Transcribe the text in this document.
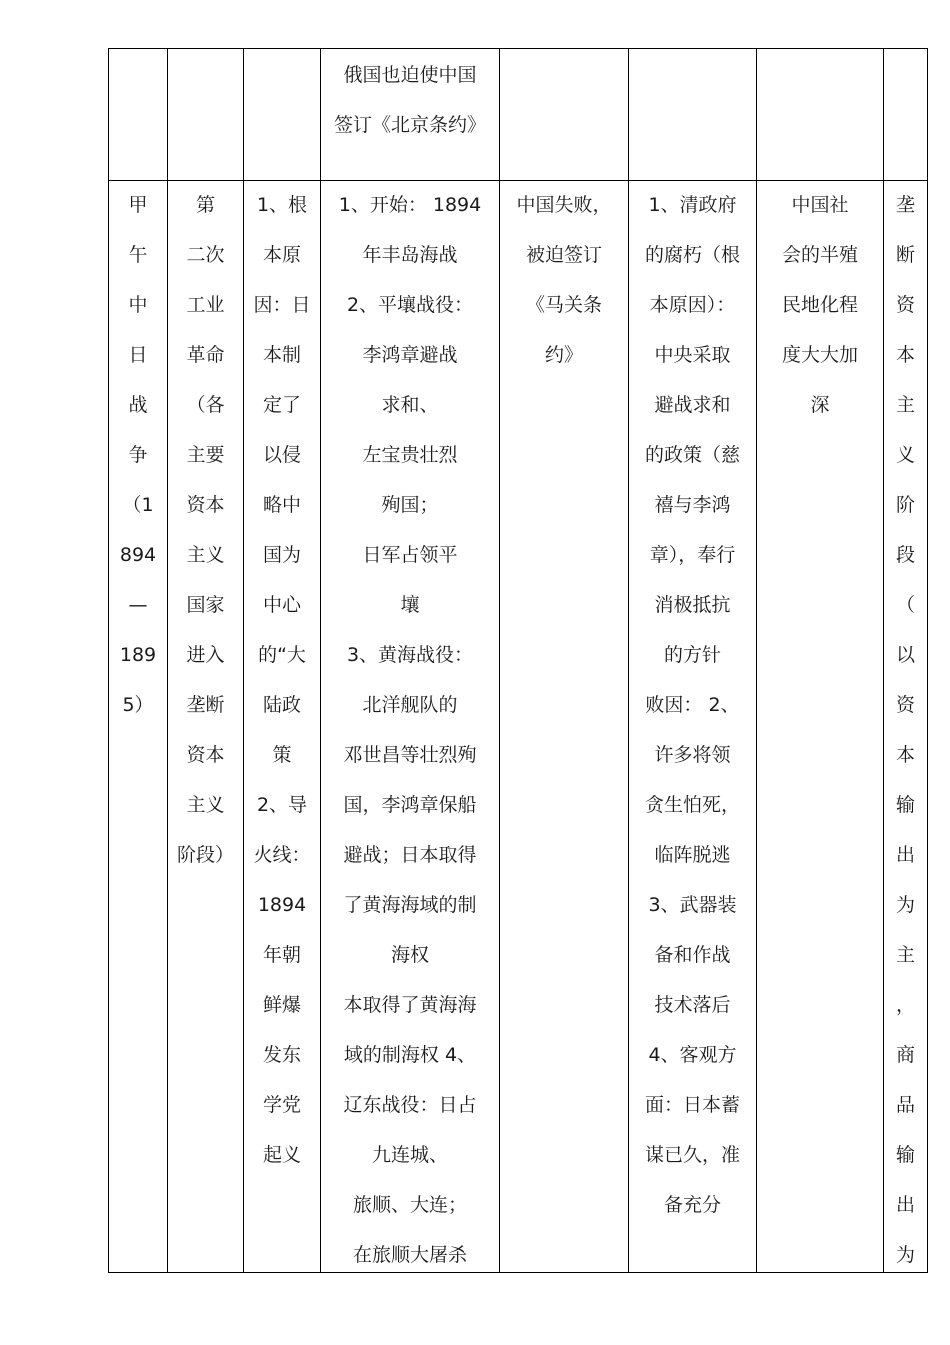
俄国也迫使中国
签订《北京条约》
甲
午
中
日
战
争
（1
894
—
189
5）
第
二次
工业
革命
（各
主要
资本
主义
国家
进入
垄断
资本
主义
阶段）
1、根
本原
因：日
本制
定了
以侵
略中
国为
中心
的“大
陆政
策
2、导
火线：
1894
年朝
鲜爆
发东
学党
起义
1、开始： 1894
年丰岛海战
2、平壤战役：
李鸿章避战
求和、
左宝贵壮烈
殉国；
日军占领平
壤
3、黄海战役：
北洋舰队的
邓世昌等壮烈殉
国，李鸿章保船
避战；日本取得
了黄海海域的制
海权
本取得了黄海海
域的制海权 4、
辽东战役：日占
九连城、
旅顺、大连；
在旅顺大屠杀
中国失败，
被迫签订
《马关条
约》
1、清政府
的腐朽（根
本原因）：
中央采取
避战求和
的政策（慈
禧与李鸿
章），奉行
消极抵抗
的方针
败因： 2、
许多将领
贪生怕死，
临阵脱逃
3、武器装
备和作战
技术落后
4、客观方
面：日本蓄
谋已久，准
备充分
中国社
会的半殖
民地化程
度大大加
深
垄
断
资
本
主
义
阶
段
（
以
资
本
输
出
为
主
，
商
品
输
出
为
